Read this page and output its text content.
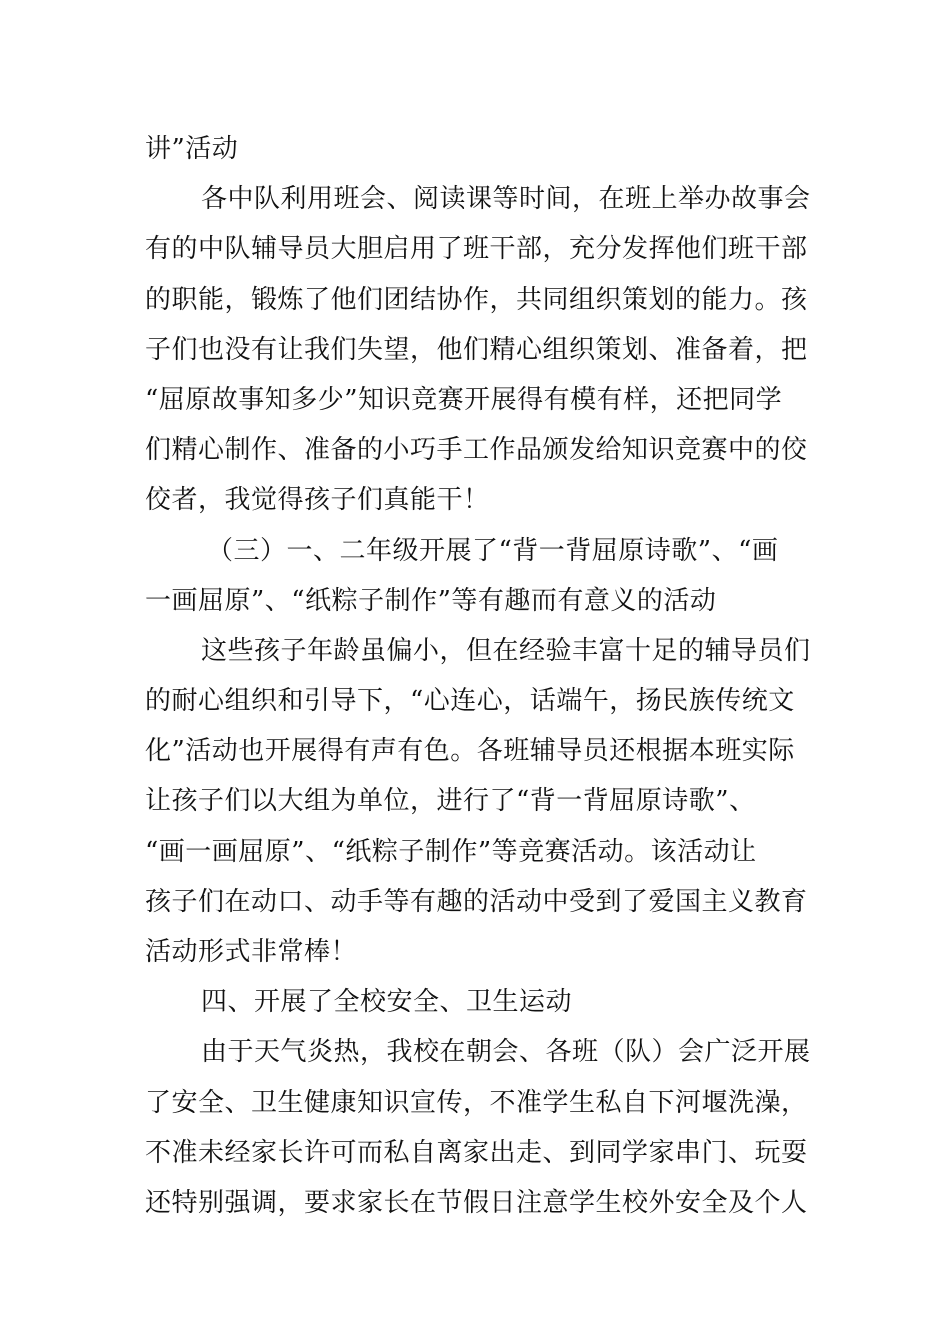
讲”活动
各中队利用班会、阅读课等时间，在班上举办故事会
有的中队辅导员大胆启用了班干部，充分发挥他们班干部
的职能，锻炼了他们团结协作，共同组织策划的能力。孩
子们也没有让我们失望，他们精心组织策划、准备着，把
“屈原故事知多少”知识竞赛开展得有模有样，还把同学
们精心制作、准备的小巧手工作品颁发给知识竞赛中的佼
佼者，我觉得孩子们真能干！
（三）一、二年级开展了“背一背屈原诗歌”、“画
一画屈原”、“纸粽子制作”等有趣而有意义的活动
这些孩子年龄虽偏小，但在经验丰富十足的辅导员们
的耐心组织和引导下，“心连心，话端午，扬民族传统文
化”活动也开展得有声有色。各班辅导员还根据本班实际
让孩子们以大组为单位，进行了“背一背屈原诗歌”、
“画一画屈原”、“纸粽子制作”等竞赛活动。该活动让
孩子们在动口、动手等有趣的活动中受到了爱国主义教育
活动形式非常棒！
四、开展了全校安全、卫生运动
由于天气炎热，我校在朝会、各班（队）会广泛开展
了安全、卫生健康知识宣传，不准学生私自下河堰洗澡，
不准未经家长许可而私自离家出走、到同学家串门、玩耍
还特别强调，要求家长在节假日注意学生校外安全及个人
